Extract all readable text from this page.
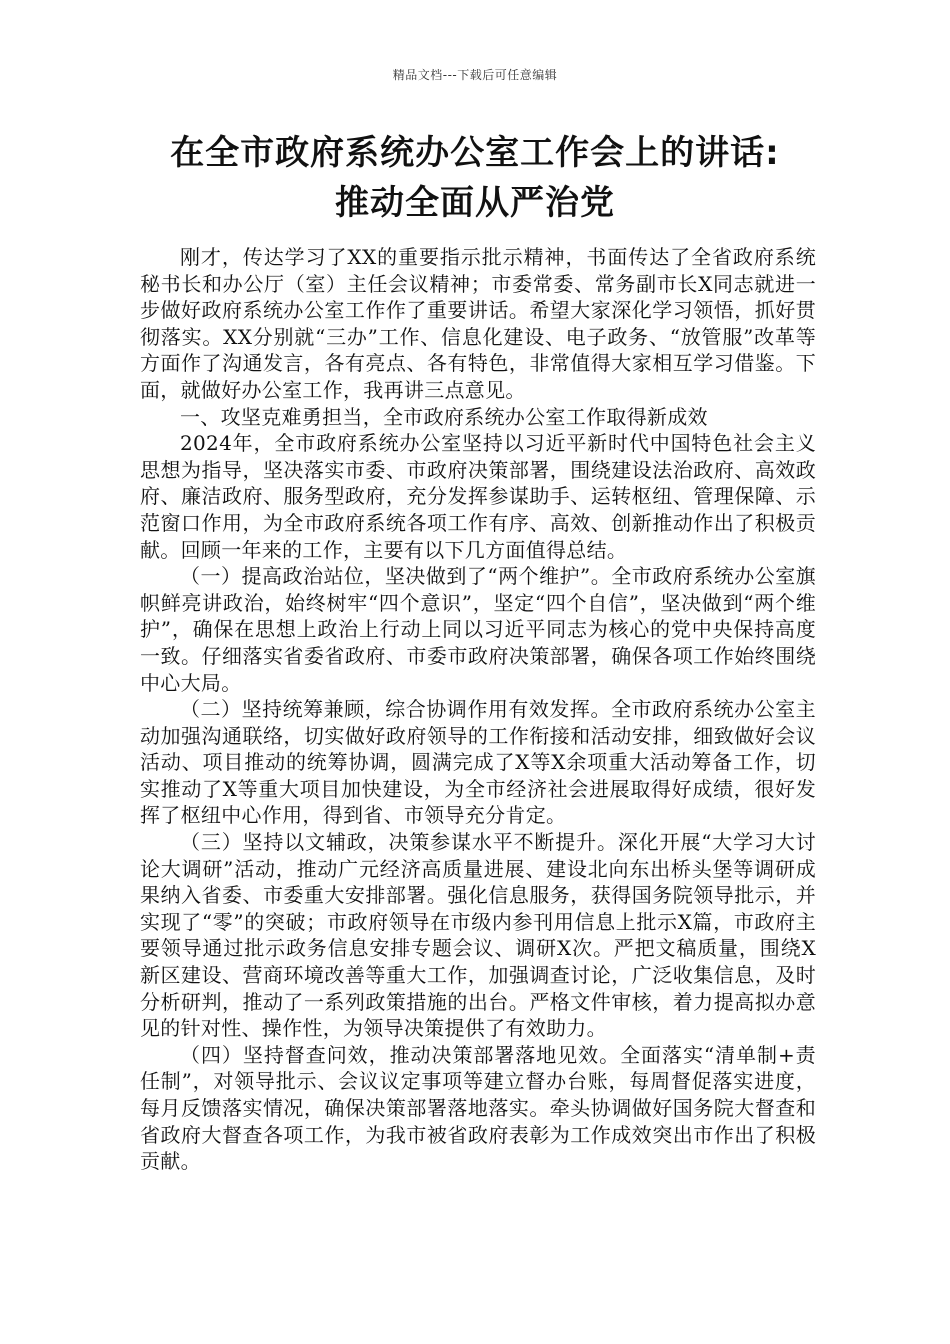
精品文档---下载后可任意编辑
在全市政府系统办公室工作会上的讲话:
推动全面从严治党

刚才，传达学习了XX的重要指示批示精神，书面传达了全省政府系统秘书长和办公厅（室）主任会议精神；市委常委、常务副市长X同志就进一步做好政府系统办公室工作作了重要讲话。希望大家深化学习领悟，抓好贯彻落实。XX分别就“三办”工作、信息化建设、电子政务、“放管服”改革等方面作了沟通发言，各有亮点、各有特色，非常值得大家相互学习借鉴。下面，就做好办公室工作，我再讲三点意见。

一、攻坚克难勇担当，全市政府系统办公室工作取得新成效

2024年，全市政府系统办公室坚持以习近平新时代中国特色社会主义思想为指导，坚决落实市委、市政府决策部署，围绕建设法治政府、高效政府、廉洁政府、服务型政府，充分发挥参谋助手、运转枢纽、管理保障、示范窗口作用，为全市政府系统各项工作有序、高效、创新推动作出了积极贡献。回顾一年来的工作，主要有以下几方面值得总结。

（一）提高政治站位，坚决做到了“两个维护”。全市政府系统办公室旗帜鲜亮讲政治，始终树牢“四个意识”，坚定“四个自信”，坚决做到“两个维护”，确保在思想上政治上行动上同以习近平同志为核心的党中央保持高度一致。仔细落实省委省政府、市委市政府决策部署，确保各项工作始终围绕中心大局。

（二）坚持统筹兼顾，综合协调作用有效发挥。全市政府系统办公室主动加强沟通联络，切实做好政府领导的工作衔接和活动安排，细致做好会议活动、项目推动的统筹协调，圆满完成了X等X余项重大活动筹备工作，切实推动了X等重大项目加快建设，为全市经济社会进展取得好成绩，很好发挥了枢纽中心作用，得到省、市领导充分肯定。

（三）坚持以文辅政，决策参谋水平不断提升。深化开展“大学习大讨论大调研”活动，推动广元经济高质量进展、建设北向东出桥头堡等调研成果纳入省委、市委重大安排部署。强化信息服务，获得国务院领导批示，并实现了“零”的突破；市政府领导在市级内参刊用信息上批示X篇，市政府主要领导通过批示政务信息安排专题会议、调研X次。严把文稿质量，围绕X新区建设、营商环境改善等重大工作，加强调查讨论，广泛收集信息，及时分析研判，推动了一系列政策措施的出台。严格文件审核，着力提高拟办意见的针对性、操作性，为领导决策提供了有效助力。

（四）坚持督查问效，推动决策部署落地见效。全面落实“清单制+责任制”，对领导批示、会议议定事项等建立督办台账，每周督促落实进度，每月反馈落实情况，确保决策部署落地落实。牵头协调做好国务院大督查和省政府大督查各项工作，为我市被省政府表彰为工作成效突出市作出了积极贡献。
